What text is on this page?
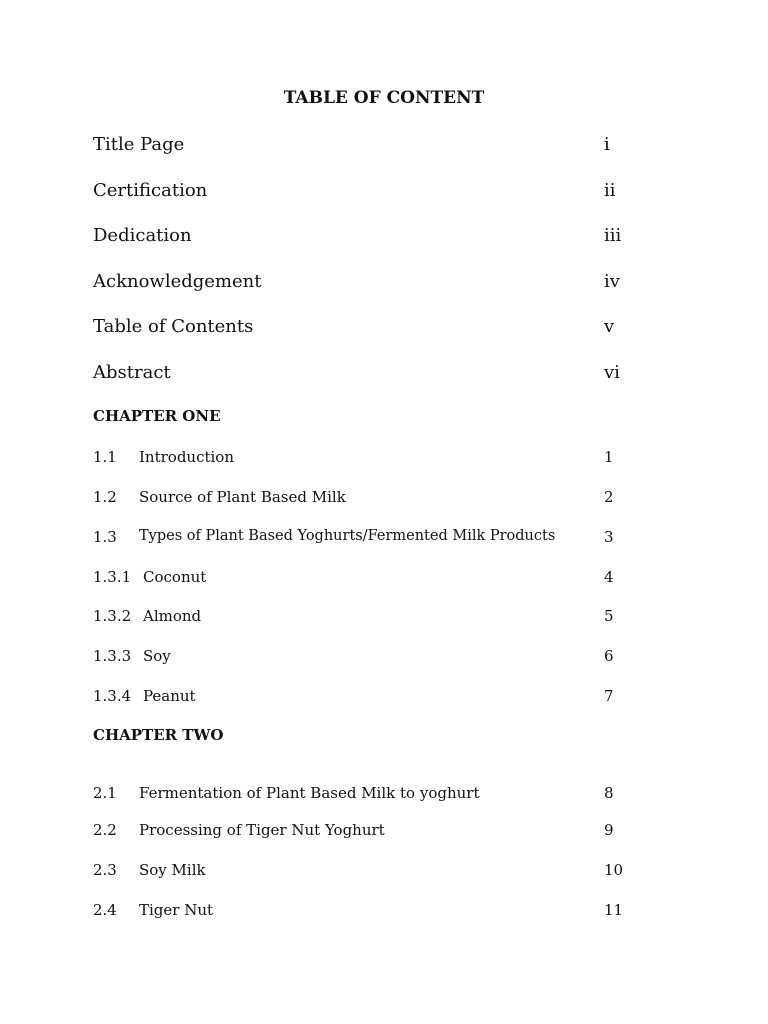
TABLE OF CONTENT
Title Page	i
Certification	ii
Dedication	iii
Acknowledgement	iv
Table of Contents	v
Abstract	vi
CHAPTER ONE
1.1 Introduction	1
1.2 Source of Plant Based Milk	2
1.3 Types of Plant Based Yoghurts/Fermented Milk Products	3
1.3.1 Coconut	4
1.3.2 Almond	5
1.3.3 Soy	6
1.3.4 Peanut	7
CHAPTER TWO
2.1 Fermentation of Plant Based Milk to yoghurt	8
2.2 Processing of Tiger Nut Yoghurt	9
2.3 Soy Milk	10
2.4 Tiger Nut	11
